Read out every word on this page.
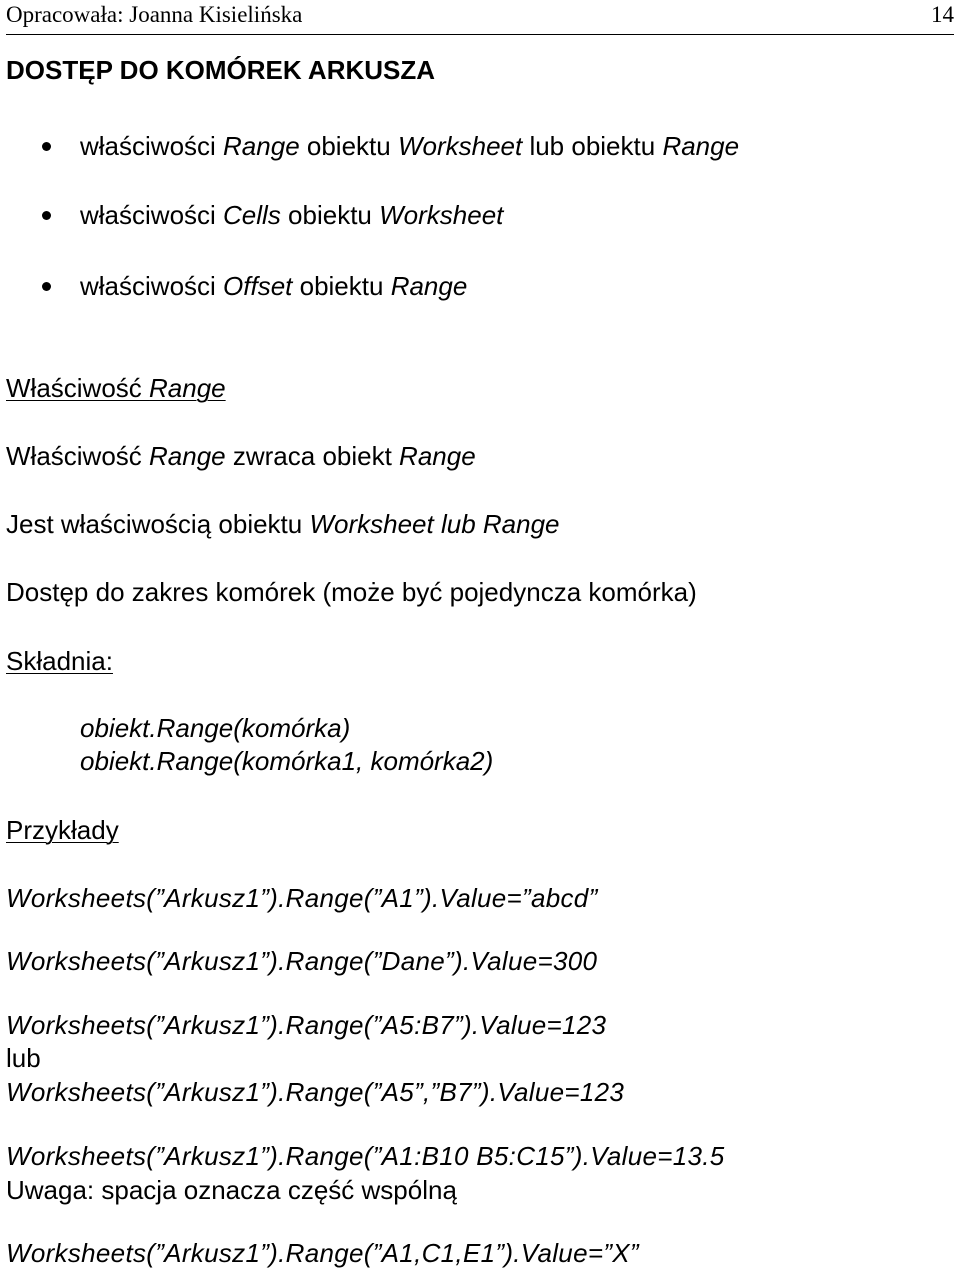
Opracowała: Joanna Kisielińska	14
DOSTĘP DO KOMÓREK ARKUSZA
właściwości Range obiektu Worksheet lub obiektu Range
właściwości Cells obiektu Worksheet
właściwości Offset obiektu Range
Właściwość Range
Właściwość Range zwraca obiekt Range
Jest właściwością obiektu Worksheet lub Range
Dostęp do zakres komórek (może być pojedyncza komórka)
Składnia:
obiekt.Range(komórka)
obiekt.Range(komórka1, komórka2)
Przykłady
Worksheets(”Arkusz1”).Range(”A1”).Value=”abcd”
Worksheets(”Arkusz1”).Range(”Dane”).Value=300
Worksheets(”Arkusz1”).Range(”A5:B7”).Value=123
lub
Worksheets(”Arkusz1”).Range(”A5”,”B7”).Value=123
Worksheets(”Arkusz1”).Range(”A1:B10 B5:C15”).Value=13.5
Uwaga: spacja oznacza część wspólną
Worksheets(”Arkusz1”).Range(”A1,C1,E1”).Value=”X”
